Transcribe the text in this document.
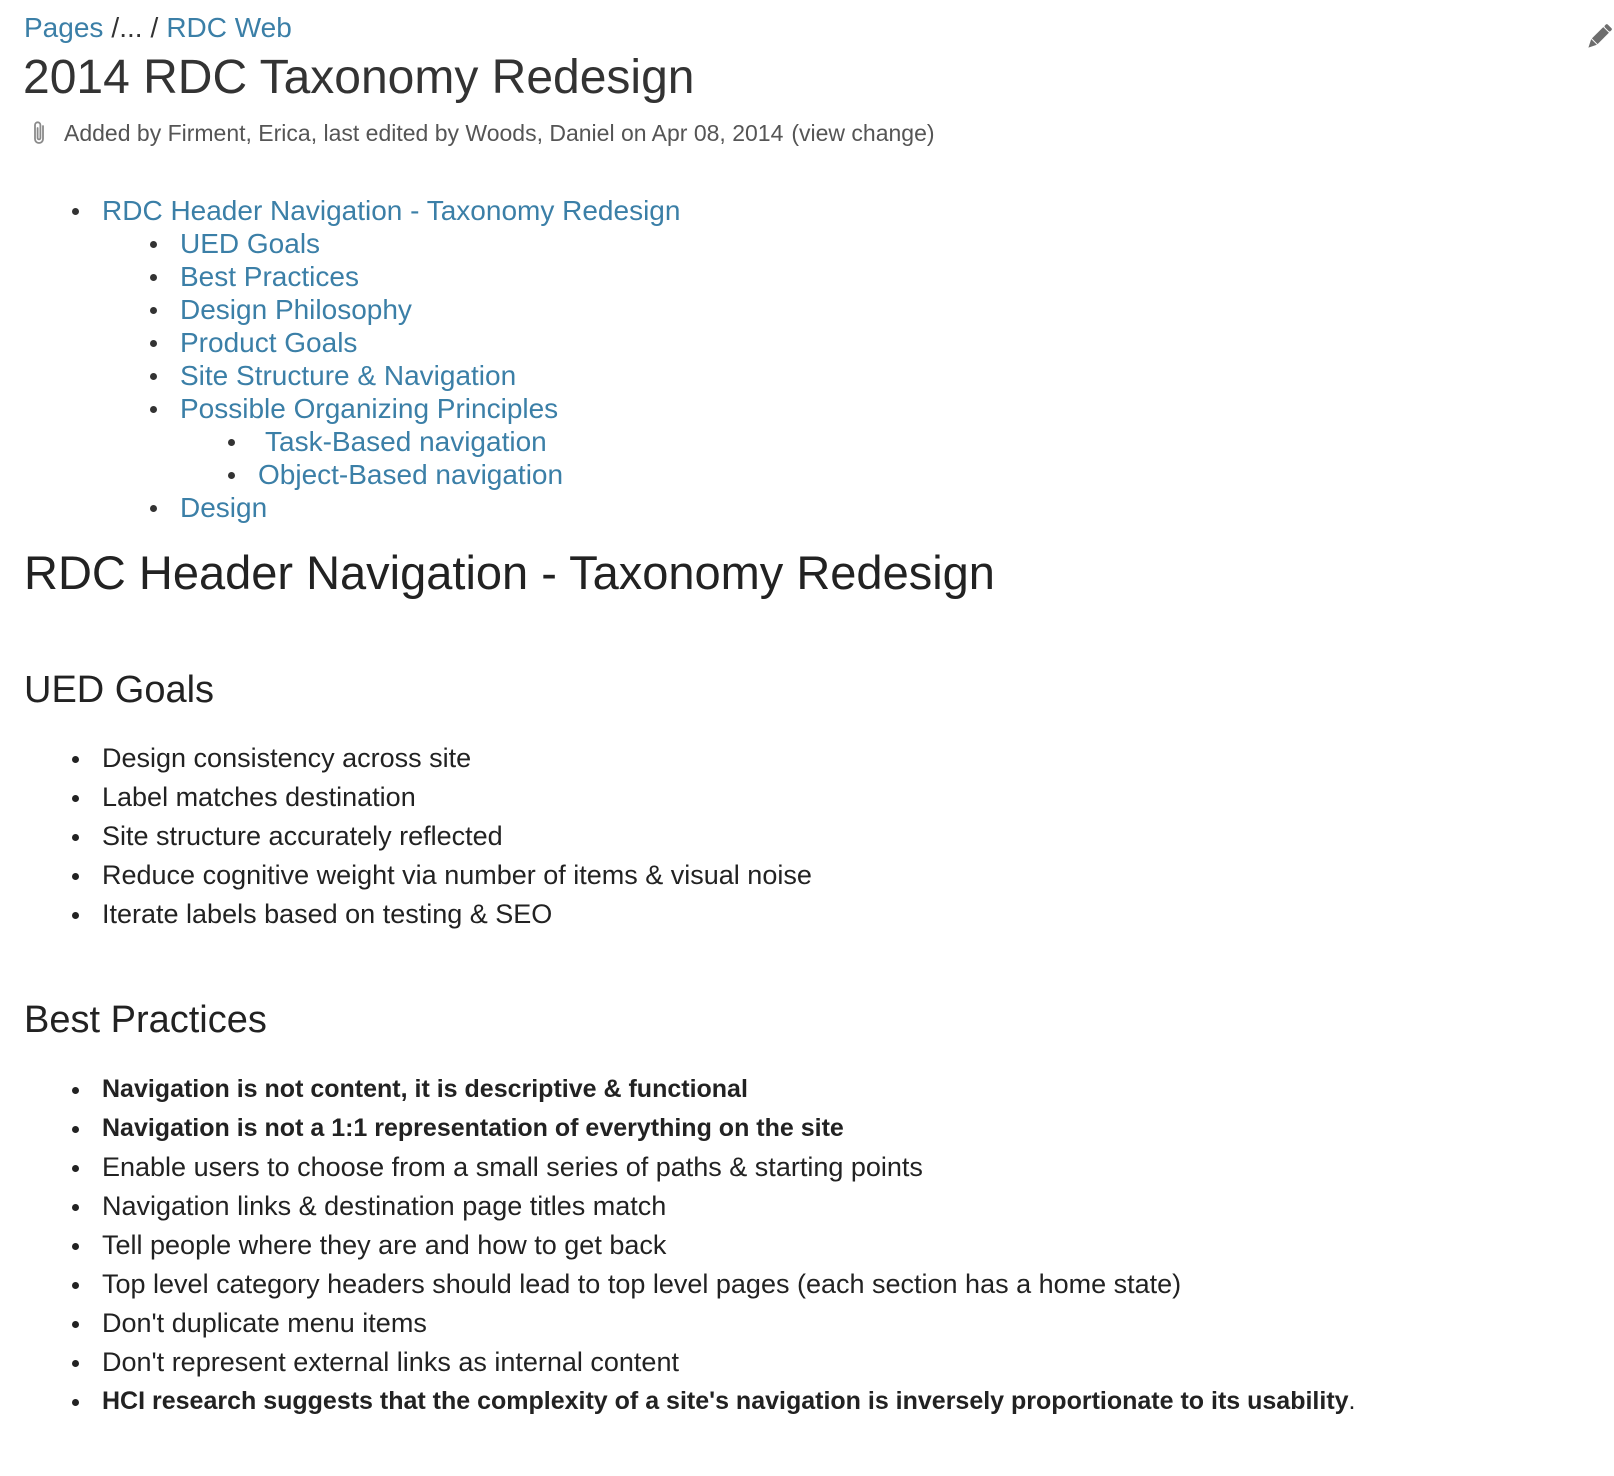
Pages /... / RDC Web
2014 RDC Taxonomy Redesign
Added by Firment, Erica, last edited by Woods, Daniel on Apr 08, 2014 (view change)
RDC Header Navigation - Taxonomy Redesign
UED Goals
Best Practices
Design Philosophy
Product Goals
Site Structure & Navigation
Possible Organizing Principles
Task-Based navigation
Object-Based navigation
Design
RDC Header Navigation - Taxonomy Redesign
UED Goals
Design consistency across site
Label matches destination
Site structure accurately reflected
Reduce cognitive weight via number of items & visual noise
Iterate labels based on testing & SEO
Best Practices
Navigation is not content, it is descriptive & functional
Navigation is not a 1:1 representation of everything on the site
Enable users to choose from a small series of paths & starting points
Navigation links & destination page titles match
Tell people where they are and how to get back
Top level category headers should lead to top level pages (each section has a home state)
Don't duplicate menu items
Don't represent external links as internal content
HCI research suggests that the complexity of a site's navigation is inversely proportionate to its usability.
